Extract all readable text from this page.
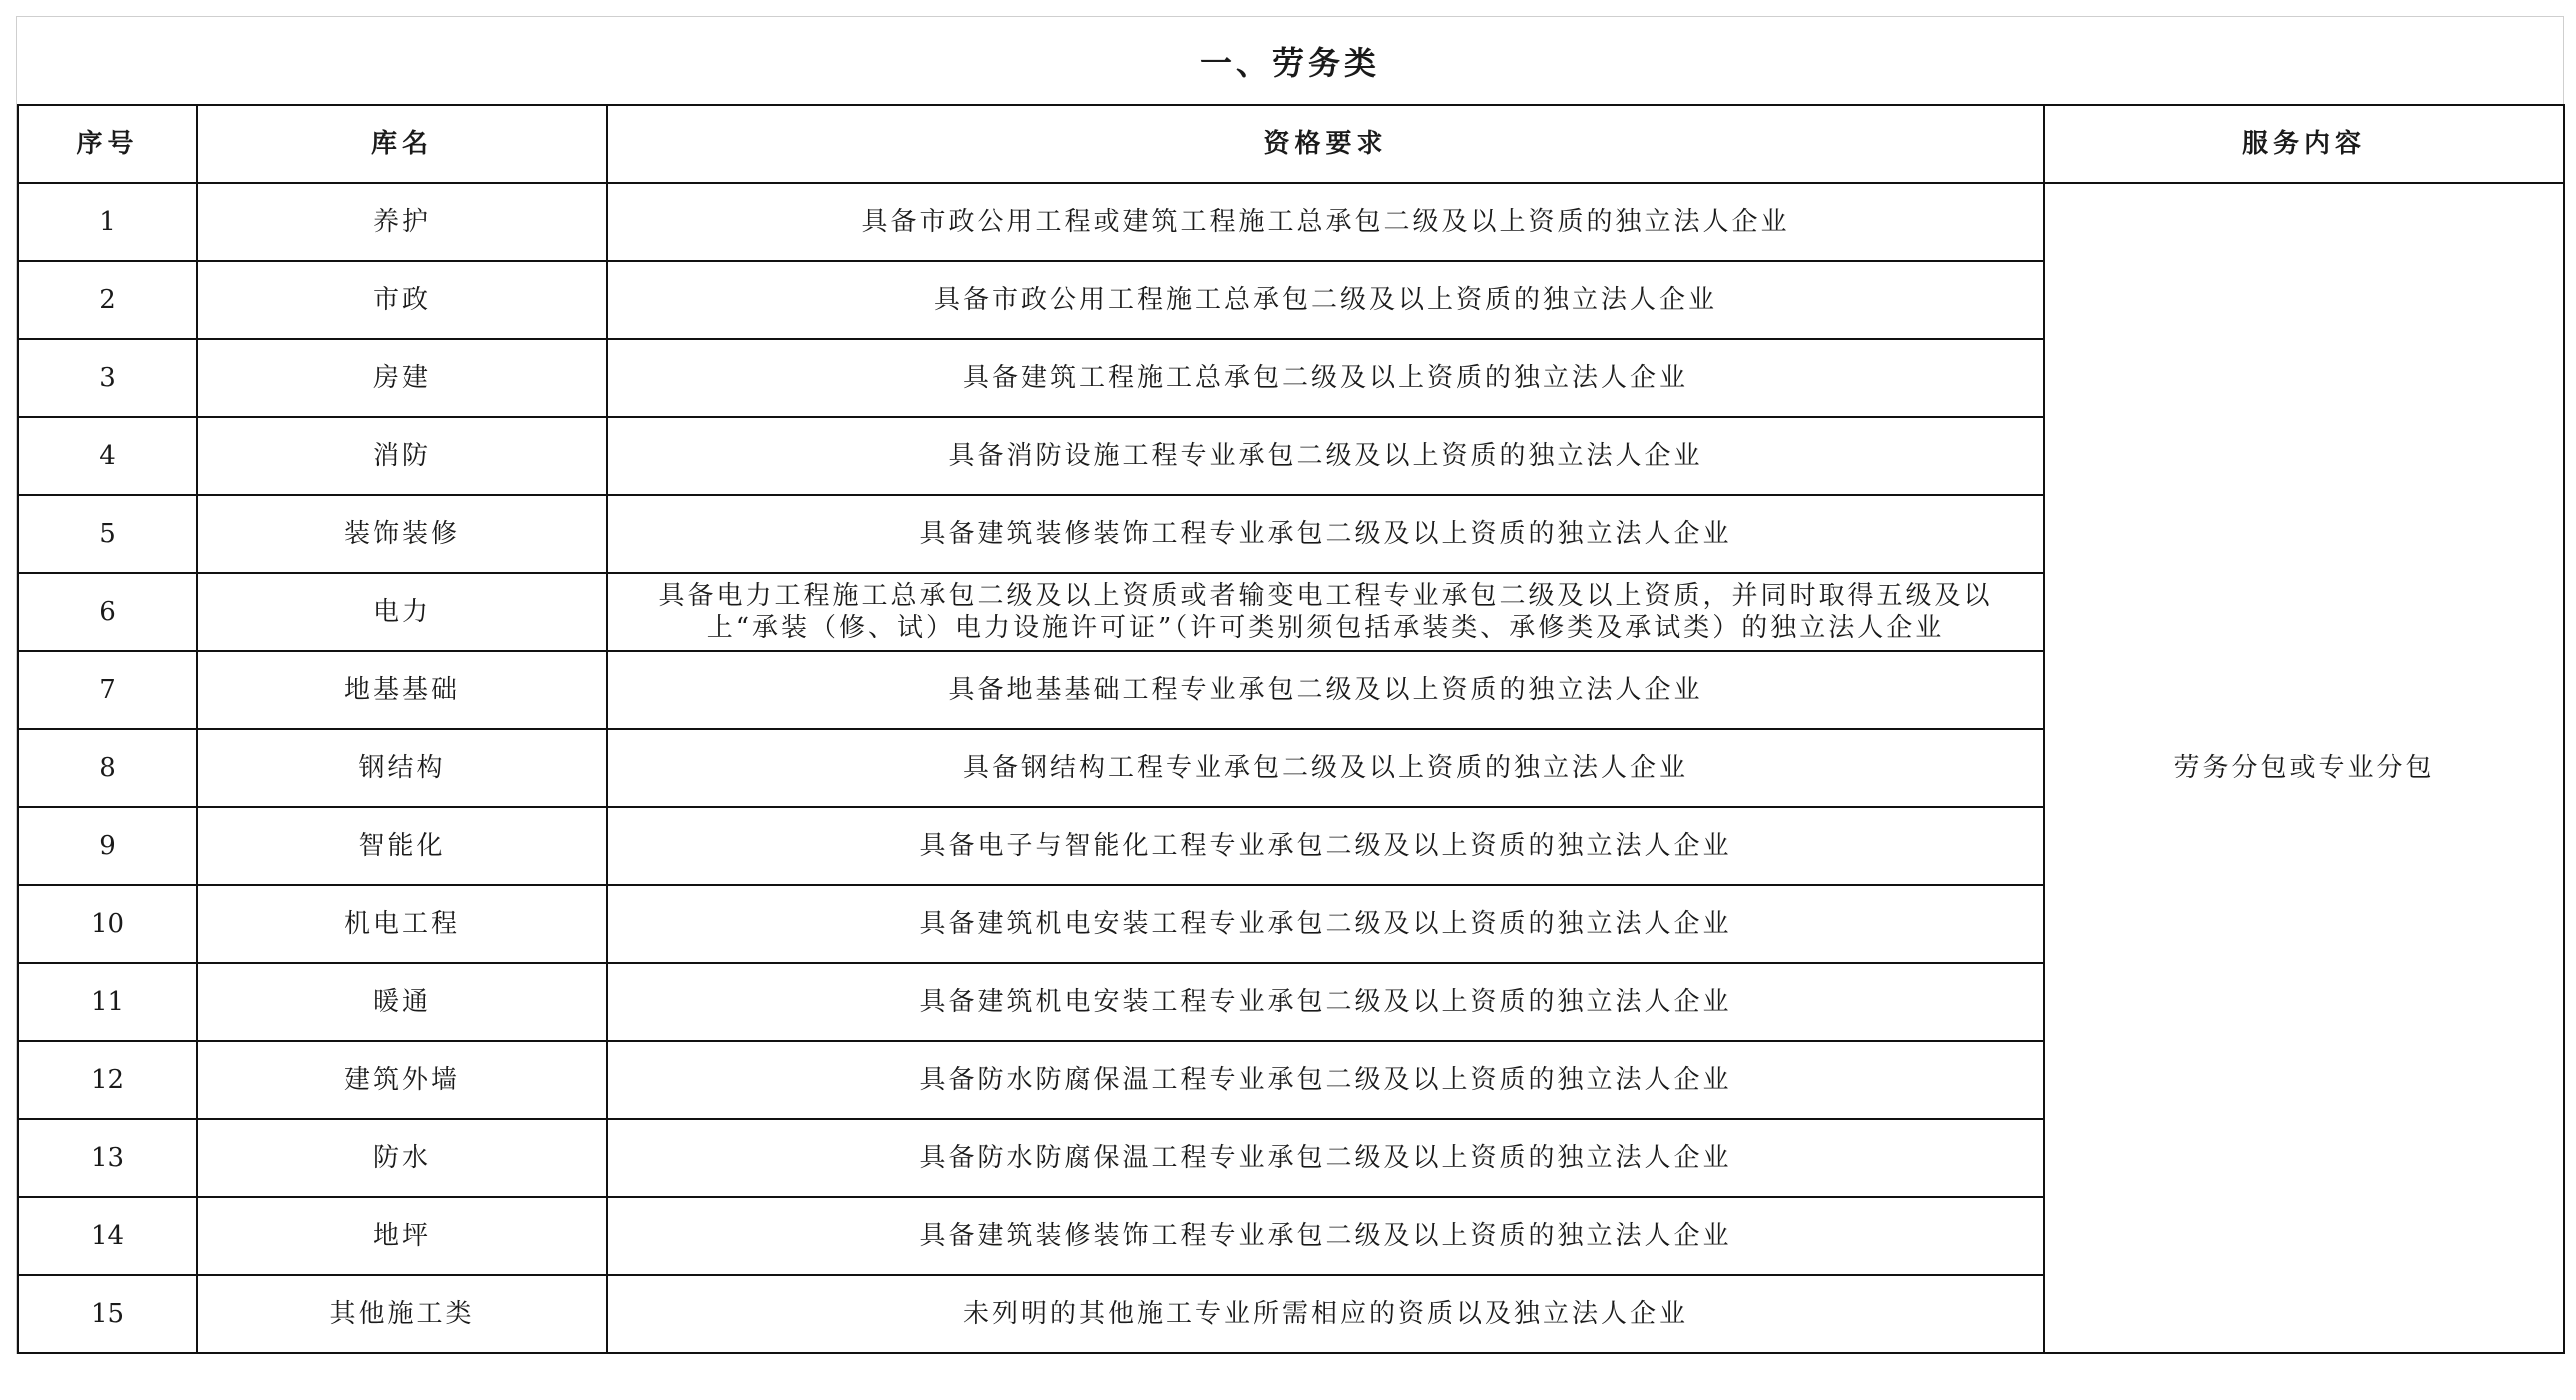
一、劳务类
序号	库名	资格要求	服务内容
1	养护	具备市政公用工程或建筑工程施工总承包二级及以上资质的独立法人企业	劳务分包或专业分包
2	市政	具备市政公用工程施工总承包二级及以上资质的独立法人企业	
3	房建	具备建筑工程施工总承包二级及以上资质的独立法人企业	
4	消防	具备消防设施工程专业承包二级及以上资质的独立法人企业	
5	装饰装修	具备建筑装修装饰工程专业承包二级及以上资质的独立法人企业	
6	电力	具备电力工程施工总承包二级及以上资质或者输变电工程专业承包二级及以上资质，并同时取得五级及以上“承装（修、试）电力设施许可证”（许可类别须包括承装类、承修类及承试类）的独立法人企业	
7	地基基础	具备地基基础工程专业承包二级及以上资质的独立法人企业	
8	钢结构	具备钢结构工程专业承包二级及以上资质的独立法人企业	
9	智能化	具备电子与智能化工程专业承包二级及以上资质的独立法人企业	
10	机电工程	具备建筑机电安装工程专业承包二级及以上资质的独立法人企业	
11	暖通	具备建筑机电安装工程专业承包二级及以上资质的独立法人企业	
12	建筑外墙	具备防水防腐保温工程专业承包二级及以上资质的独立法人企业	
13	防水	具备防水防腐保温工程专业承包二级及以上资质的独立法人企业	
14	地坪	具备建筑装修装饰工程专业承包二级及以上资质的独立法人企业	
15	其他施工类	未列明的其他施工专业所需相应的资质以及独立法人企业	
